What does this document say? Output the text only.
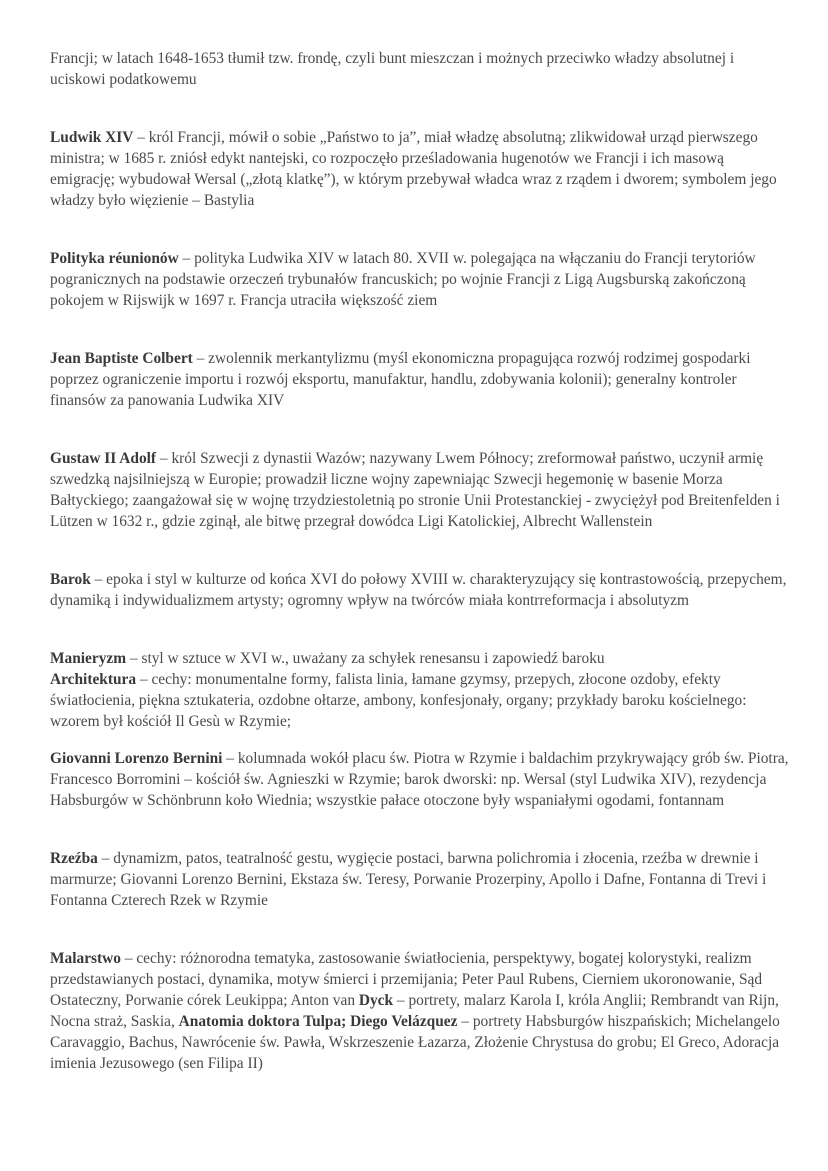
Francji; w latach 1648-1653 tłumił tzw. frondę, czyli bunt mieszczan i możnych przeciwko władzy absolutnej i uciskowi podatkowemu

Ludwik XIV – król Francji, mówił o sobie „Państwo to ja”, miał władzę absolutną; zlikwidował urząd pierwszego ministra; w 1685 r. zniósł edykt nantejski, co rozpoczęło prześladowania hugenotów we Francji i ich masową emigrację; wybudował Wersal („złotą klatkę”), w którym przebywał władca wraz z rządem i dworem; symbolem jego władzy było więzienie – Bastylia

Polityka réunionów – polityka Ludwika XIV w latach 80. XVII w. polegająca na włączaniu do Francji terytoriów pogranicznych na podstawie orzeczeń trybunałów francuskich; po wojnie Francji z Ligą Augsburską zakończoną pokojem w Rijswijk w 1697 r. Francja utraciła większość ziem

Jean Baptiste Colbert – zwolennik merkantylizmu (myśl ekonomiczna propagująca rozwój rodzimej gospodarki poprzez ograniczenie importu i rozwój eksportu, manufaktur, handlu, zdobywania kolonii); generalny kontroler finansów za panowania Ludwika XIV

Gustaw II Adolf – król Szwecji z dynastii Wazów; nazywany Lwem Północy; zreformował państwo, uczynił armię szwedzką najsilniejszą w Europie; prowadził liczne wojny zapewniając Szwecji hegemonię w basenie Morza Bałtyckiego; zaangażował się w wojnę trzydziestoletnią po stronie Unii Protestanckiej - zwyciężył pod Breitenfelden i Lützen w 1632 r., gdzie zginął, ale bitwę przegrał dowódca Ligi Katolickiej, Albrecht Wallenstein

Barok – epoka i styl w kulturze od końca XVI do połowy XVIII w. charakteryzujący się kontrastowością, przepychem, dynamiką i indywidualizmem artysty; ogromny wpływ na twórców miała kontrreformacja i absolutyzm

Manieryzm – styl w sztuce w XVI w., uważany za schyłek renesansu i zapowiedź baroku

Architektura – cechy: monumentalne formy, falista linia, łamane gzymsy, przepych, złocone ozdoby, efekty światłocienia, piękna sztukateria, ozdobne ołtarze, ambony, konfesjonały, organy; przykłady baroku kościelnego: wzorem był kościół Il Gesù w Rzymie;

Giovanni Lorenzo Bernini – kolumnada wokół placu św. Piotra w Rzymie i baldachim przykrywający grób św. Piotra, Francesco Borromini – kościół św. Agnieszki w Rzymie; barok dworski: np. Wersal (styl Ludwika XIV), rezydencja Habsburgów w Schönbrunn koło Wiednia; wszystkie pałace otoczone były wspaniałymi ogodami, fontannam

Rzeźba – dynamizm, patos, teatralność gestu, wygięcie postaci, barwna polichromia i złocenia, rzeźba w drewnie i marmurze; Giovanni Lorenzo Bernini, Ekstaza św. Teresy, Porwanie Prozerpiny, Apollo i Dafne, Fontanna di Trevi i Fontanna Czterech Rzek w Rzymie

Malarstwo – cechy: różnorodna tematyka, zastosowanie światłocienia, perspektywy, bogatej kolorystyki, realizm przedstawianych postaci, dynamika, motyw śmierci i przemijania; Peter Paul Rubens, Cierniem ukoronowanie, Sąd Ostateczny, Porwanie córek Leukippa; Anton van Dyck – portrety, malarz Karola I, króla Anglii; Rembrandt van Rijn, Nocna straż, Saskia, Anatomia doktora Tulpa; Diego Velázquez – portrety Habsburgów hiszpańskich; Michelangelo Caravaggio, Bachus, Nawrócenie św. Pawła, Wskrzeszenie Łazarza, Złożenie Chrystusa do grobu; El Greco, Adoracja imienia Jezusowego (sen Filipa II)
